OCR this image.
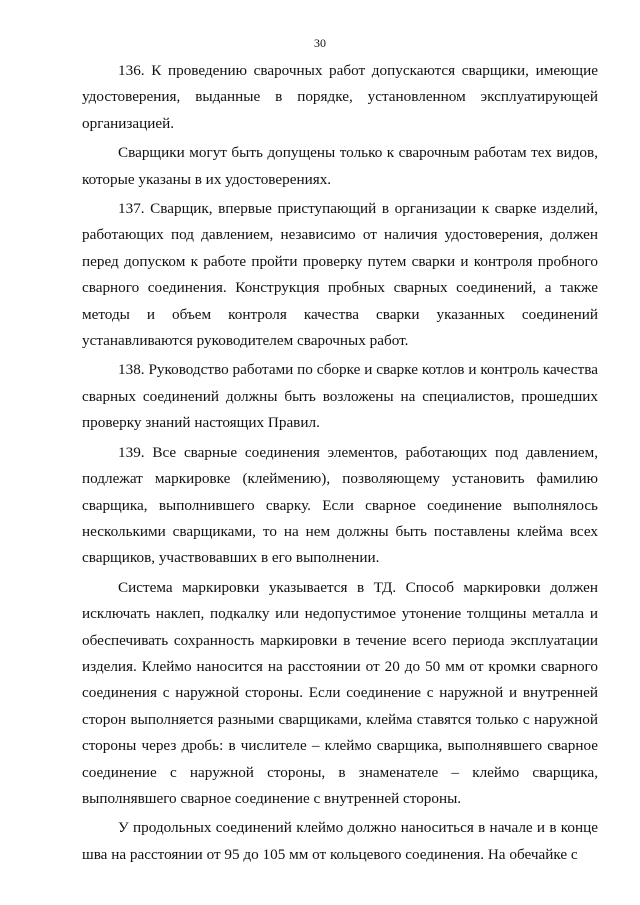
30

136. К проведению сварочных работ допускаются сварщики, имеющие удостоверения, выданные в порядке, установленном эксплуатирующей организацией.

Сварщики могут быть допущены только к сварочным работам тех видов, которые указаны в их удостоверениях.

137. Сварщик, впервые приступающий в организации к сварке изделий, работающих под давлением, независимо от наличия удостоверения, должен перед допуском к работе пройти проверку путем сварки и контроля пробного сварного соединения. Конструкция пробных сварных соединений, а также методы и объем контроля качества сварки указанных соединений устанавливаются руководителем сварочных работ.

138. Руководство работами по сборке и сварке котлов и контроль качества сварных соединений должны быть возложены на специалистов, прошедших проверку знаний настоящих Правил.

139. Все сварные соединения элементов, работающих под давлением, подлежат маркировке (клеймению), позволяющему установить фамилию сварщика, выполнившего сварку. Если сварное соединение выполнялось несколькими сварщиками, то на нем должны быть поставлены клейма всех сварщиков, участвовавших в его выполнении.

Система маркировки указывается в ТД. Способ маркировки должен исключать наклеп, подкалку или недопустимое утонение толщины металла и обеспечивать сохранность маркировки в течение всего периода эксплуатации изделия. Клеймо наносится на расстоянии от 20 до 50 мм от кромки сварного соединения с наружной стороны. Если соединение с наружной и внутренней сторон выполняется разными сварщиками, клейма ставятся только с наружной стороны через дробь: в числителе – клеймо сварщика, выполнявшего сварное соединение с наружной стороны, в знаменателе – клеймо сварщика, выполнявшего сварное соединение с внутренней стороны.

У продольных соединений клеймо должно наноситься в начале и в конце шва на расстоянии от 95 до 105 мм от кольцевого соединения. На обечайке с
